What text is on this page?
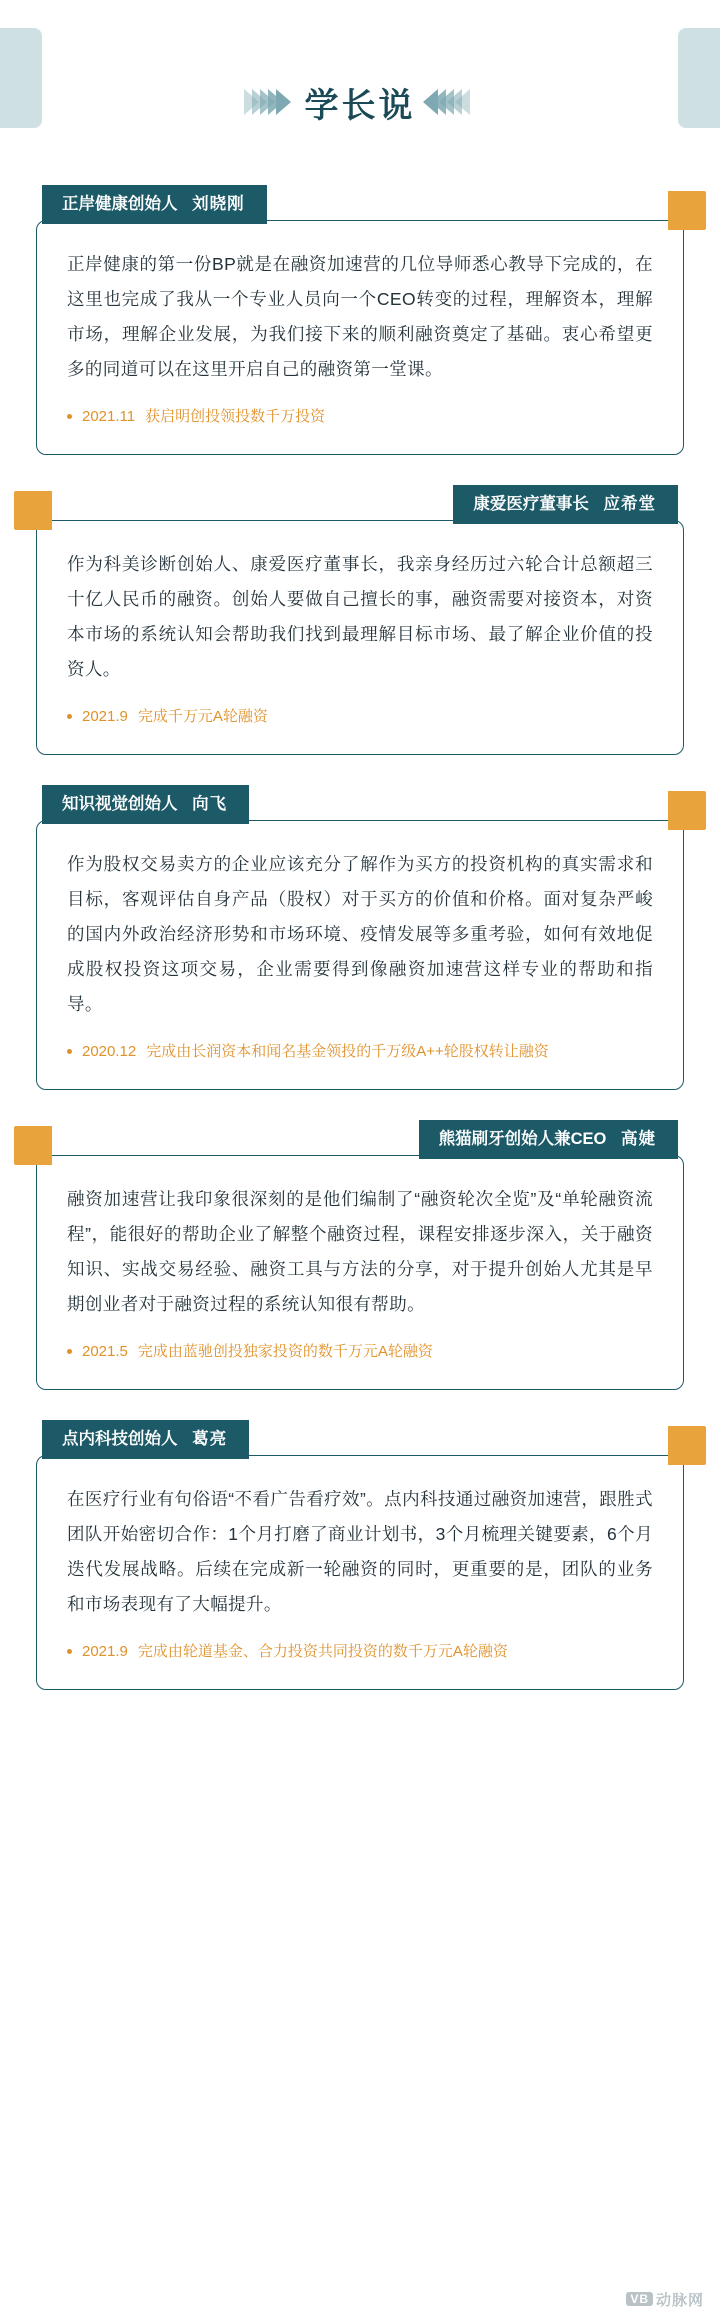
学长说
正岸健康创始人 刘晓刚
正岸健康的第一份BP就是在融资加速营的几位导师悉心教导下完成的，在这里也完成了我从一个专业人员向一个CEO转变的过程，理解资本，理解市场，理解企业发展，为我们接下来的顺利融资奠定了基础。衷心希望更多的同道可以在这里开启自己的融资第一堂课。
2021.11 获启明创投领投数千万投资
康爱医疗董事长 应希堂
作为科美诊断创始人、康爱医疗董事长，我亲身经历过六轮合计总额超三十亿人民币的融资。创始人要做自己擅长的事，融资需要对接资本，对资本市场的系统认知会帮助我们找到最理解目标市场、最了解企业价值的投资人。
2021.9 完成千万元A轮融资
知识视觉创始人 向飞
作为股权交易卖方的企业应该充分了解作为买方的投资机构的真实需求和目标，客观评估自身产品（股权）对于买方的价值和价格。面对复杂严峻的国内外政治经济形势和市场环境、疫情发展等多重考验，如何有效地促成股权投资这项交易，企业需要得到像融资加速营这样专业的帮助和指导。
2020.12 完成由长润资本和闻名基金领投的千万级A++轮股权转让融资
熊猫刷牙创始人兼CEO 高婕
融资加速营让我印象很深刻的是他们编制了“融资轮次全览”及“单轮融资流程”，能很好的帮助企业了解整个融资过程，课程安排逐步深入，关于融资知识、实战交易经验、融资工具与方法的分享，对于提升创始人尤其是早期创业者对于融资过程的系统认知很有帮助。
2021.5 完成由蓝驰创投独家投资的数千万元A轮融资
点内科技创始人 葛亮
在医疗行业有句俗语“不看广告看疗效”。点内科技通过融资加速营，跟胜式团队开始密切合作：1个月打磨了商业计划书，3个月梳理关键要素，6个月迭代发展战略。后续在完成新一轮融资的同时，更重要的是，团队的业务和市场表现有了大幅提升。
2021.9 完成由轮道基金、合力投资共同投资的数千万元A轮融资
VB 动脉网
